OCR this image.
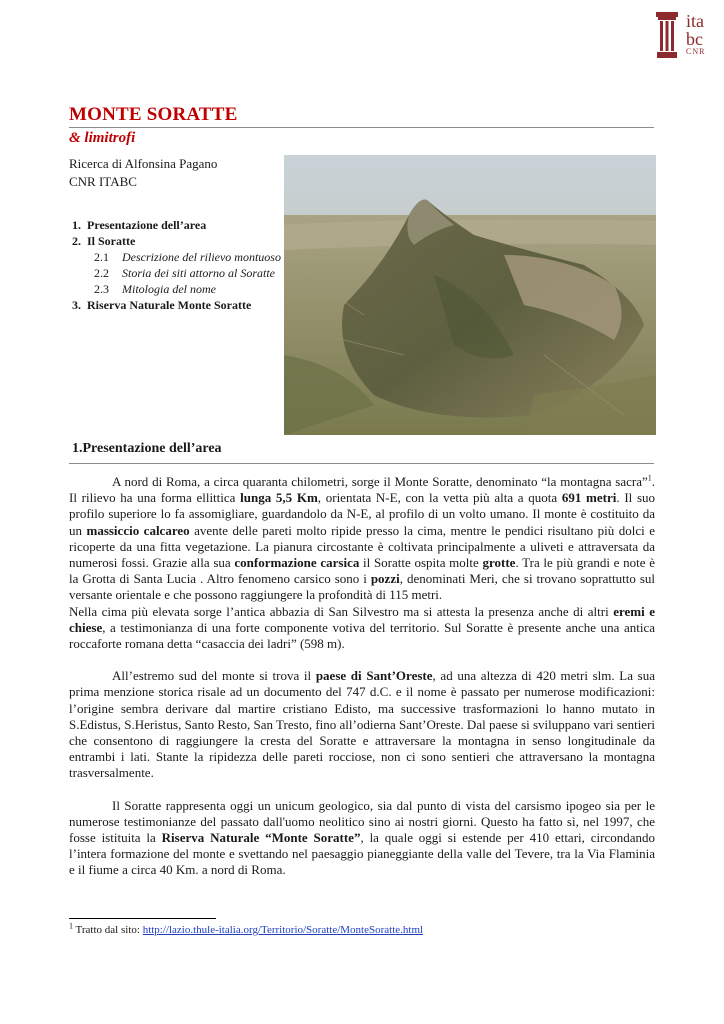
ita
bc
CNR
MONTE SORATTE
& limitrofi
Ricerca di Alfonsina Pagano
CNR ITABC
1. Presentazione dell’area
2. Il Soratte
2.1	Descrizione del rilievo montuoso
2.2	Storia dei siti attorno al Soratte
2.3	Mitologia del nome
3. Riserva Naturale Monte Soratte
1.Presentazione dell’area

A nord di Roma, a circa quaranta chilometri, sorge il Monte Soratte, denominato “la montagna sacra”$^1$. Il rilievo ha una forma ellittica lunga 5,5 Km, orientata N-E, con la vetta più alta a quota 691 metri. Il suo profilo superiore lo fa assomigliare, guardandolo da N-E, al profilo di un volto umano. Il monte è costituito da un massiccio calcareo avente delle pareti molto ripide presso la cima, mentre le pendici risultano più dolci e ricoperte da una fitta vegetazione. La pianura circostante è coltivata principalmente a uliveti e attraversata da numerosi fossi. Grazie alla sua conformazione carsica il Soratte ospita molte grotte. Tra le più grandi e note è la Grotta di Santa Lucia . Altro fenomeno carsico sono i pozzi, denominati Meri, che si trovano soprattutto sul versante orientale e che possono raggiungere la profondità di 115 metri.

Nella cima più elevata sorge l’antica abbazia di San Silvestro ma si attesta la presenza anche di altri eremi e chiese, a testimonianza di una forte componente votiva del territorio. Sul Soratte è presente anche una antica roccaforte romana detta “casaccia dei ladri” (598 m).

All’estremo sud del monte si trova il paese di Sant’Oreste, ad una altezza di 420 metri slm. La sua prima menzione storica risale ad un documento del 747 d.C. e il nome è passato per numerose modificazioni: l’origine sembra derivare dal martire cristiano Edisto, ma successive trasformazioni lo hanno mutato in S.Edistus, S.Heristus, Santo Resto, San Tresto, fino all’odierna Sant’Oreste. Dal paese si sviluppano vari sentieri che consentono di raggiungere la cresta del Soratte e attraversare la montagna in senso longitudinale da entrambi i lati. Stante la ripidezza delle pareti rocciose, non ci sono sentieri che attraversano la montagna trasversalmente.

Il Soratte rappresenta oggi un unicum geologico, sia dal punto di vista del carsismo ipogeo sia per le numerose testimonianze del passato dall'uomo neolitico sino ai nostri giorni. Questo ha fatto sì, nel 1997, che fosse istituita la Riserva Naturale “Monte Soratte”, la quale oggi si estende per 410 ettari, circondando l’intera formazione del monte e svettando nel paesaggio pianeggiante della valle del Tevere, tra la Via Flaminia e il fiume a circa 40 Km. a nord di Roma.

$^1$ Tratto dal sito: http://lazio.thule-italia.org/Territorio/Soratte/MonteSoratte.html
